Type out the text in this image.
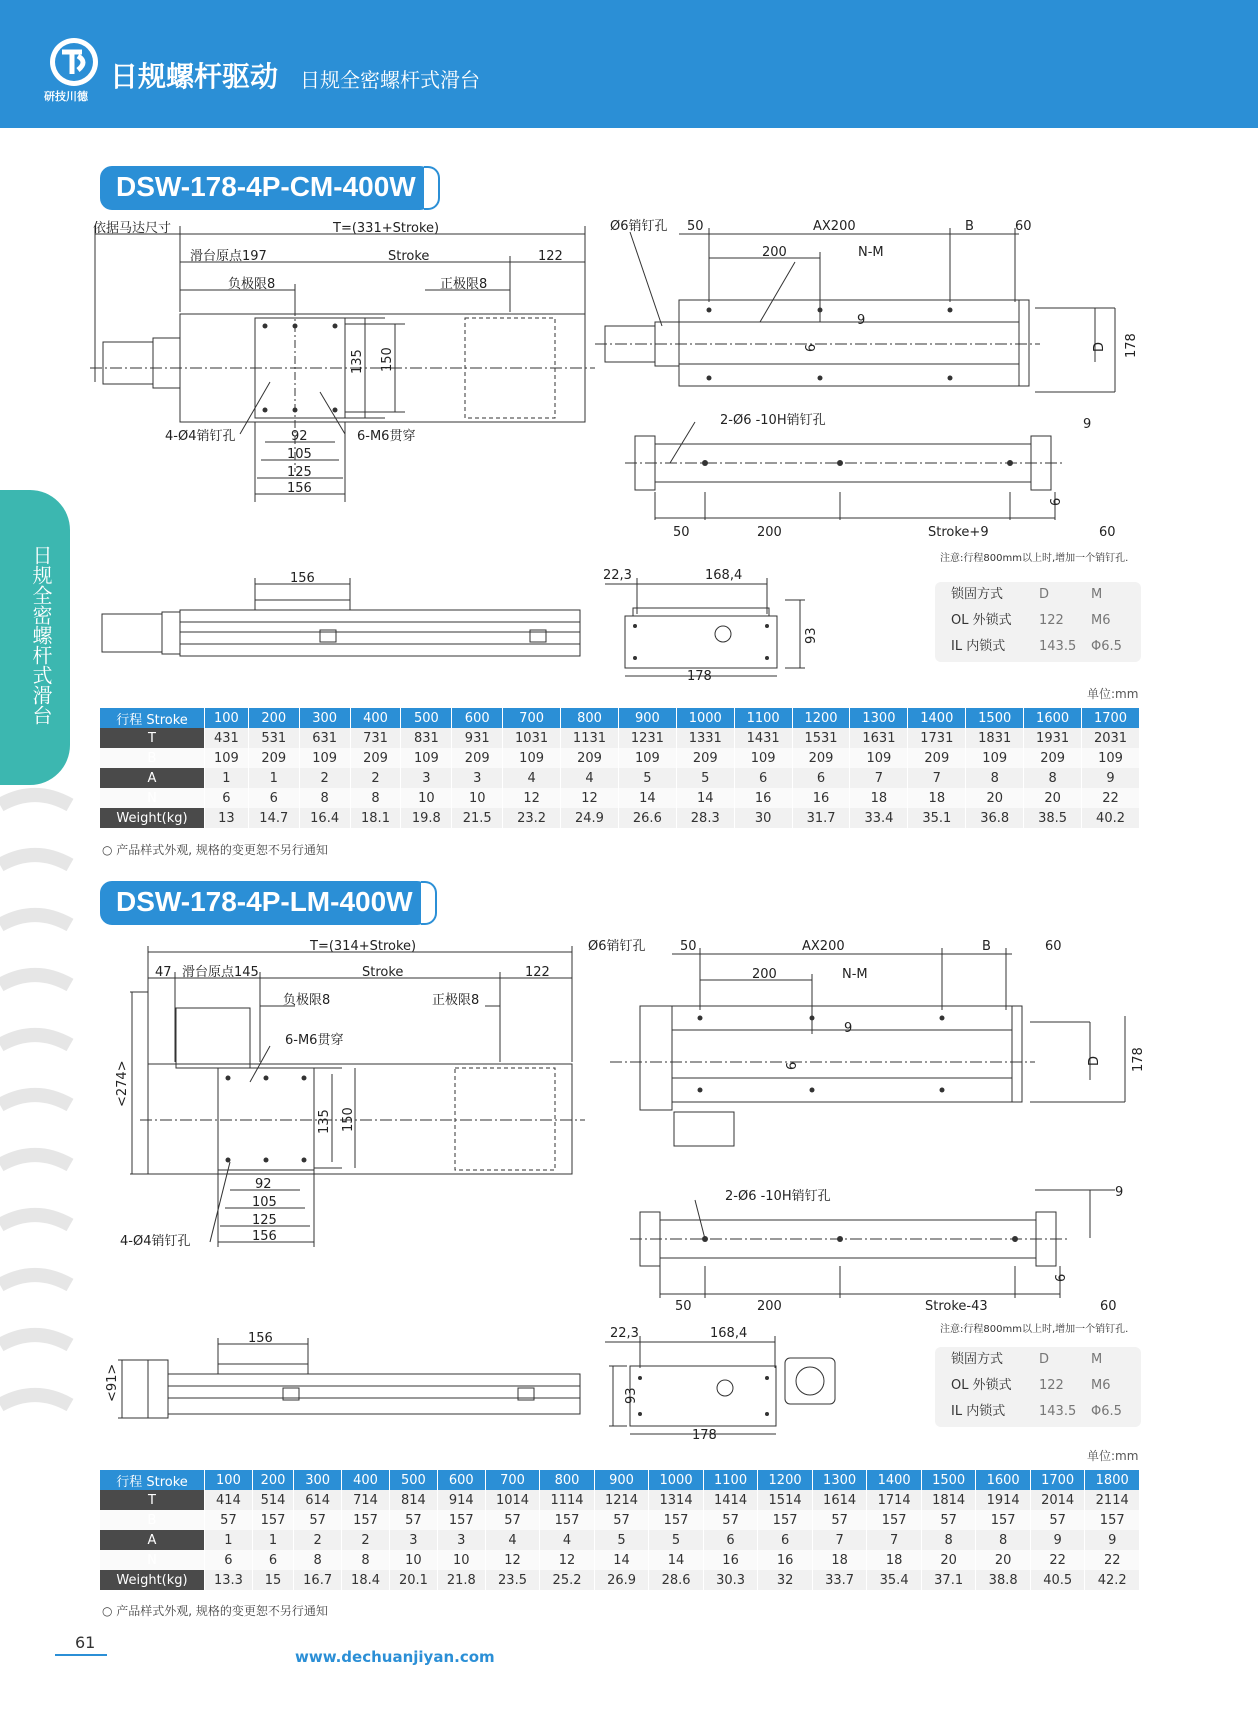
研技川德
日规螺杆驱动 日规全密螺杆式滑台
日规全密螺杆式滑台
DSW-178-4P-CM-400W
依据马达尺寸	T=(331+Stroke)
滑台原点197	Stroke	122
负极限8	正极限8
135 150
4-Ø4销钉孔	6-M6贯穿
92
105
125
156
Ø6销钉孔 50	AX200	B	60
200	N-M
9
6	D 178
2-Ø6 -10H销钉孔	9
6
50	200	Stroke+9	60
注意:行程800mm以上时,增加一个销钉孔.
156	22,3	168,4
93
178
锁固方式	D	M
OL 外锁式	122	M6
IL 内锁式	143.5	Φ6.5
单位:mm
行程 Stroke	100	200	300	400	500	600	700	800	900	1000	1100	1200	1300	1400	1500	1600	1700
T	431	531	631	731	831	931	1031	1131	1231	1331	1431	1531	1631	1731	1831	1931	2031
B	109	209	109	209	109	209	109	209	109	209	109	209	109	209	109	209	109
A	1	1	2	2	3	3	4	4	5	5	6	6	7	7	8	8	9
N	6	6	8	8	10	10	12	12	14	14	16	16	18	18	20	20	22
Weight(kg)	13	14.7	16.4	18.1	19.8	21.5	23.2	24.9	26.6	28.3	30	31.7	33.4	35.1	36.8	38.5	40.2
○ 产品样式外观, 规格的变更恕不另行通知
DSW-178-4P-LM-400W
T=(314+Stroke)
47 滑台原点145	Stroke	122
负极限8	正极限8
6-M6贯穿
<274>
135 150
92
105
125
156
4-Ø4销钉孔
Ø6销钉孔	50	AX200	B	60
200	N-M
9
6	D 178
2-Ø6 -10H销钉孔	9
6
50	200	Stroke-43	60
注意:行程800mm以上时,增加一个销钉孔.
156
<91>
22,3	168,4
93
178
锁固方式	D	M
OL 外锁式	122	M6
IL 内锁式	143.5	Φ6.5
单位:mm
行程 Stroke	100	200	300	400	500	600	700	800	900	1000	1100	1200	1300	1400	1500	1600	1700	1800
T	414	514	614	714	814	914	1014	1114	1214	1314	1414	1514	1614	1714	1814	1914	2014	2114
B	57	157	57	157	57	157	57	157	57	157	57	157	57	157	57	157	57	157
A	1	1	2	2	3	3	4	4	5	5	6	6	7	7	8	8	9	9
N	6	6	8	8	10	10	12	12	14	14	16	16	18	18	20	20	22	22
Weight(kg)	13.3	15	16.7	18.4	20.1	21.8	23.5	25.2	26.9	28.6	30.3	32	33.7	35.4	37.1	38.8	40.5	42.2
○ 产品样式外观, 规格的变更恕不另行通知
61
www.dechuanjiyan.com
